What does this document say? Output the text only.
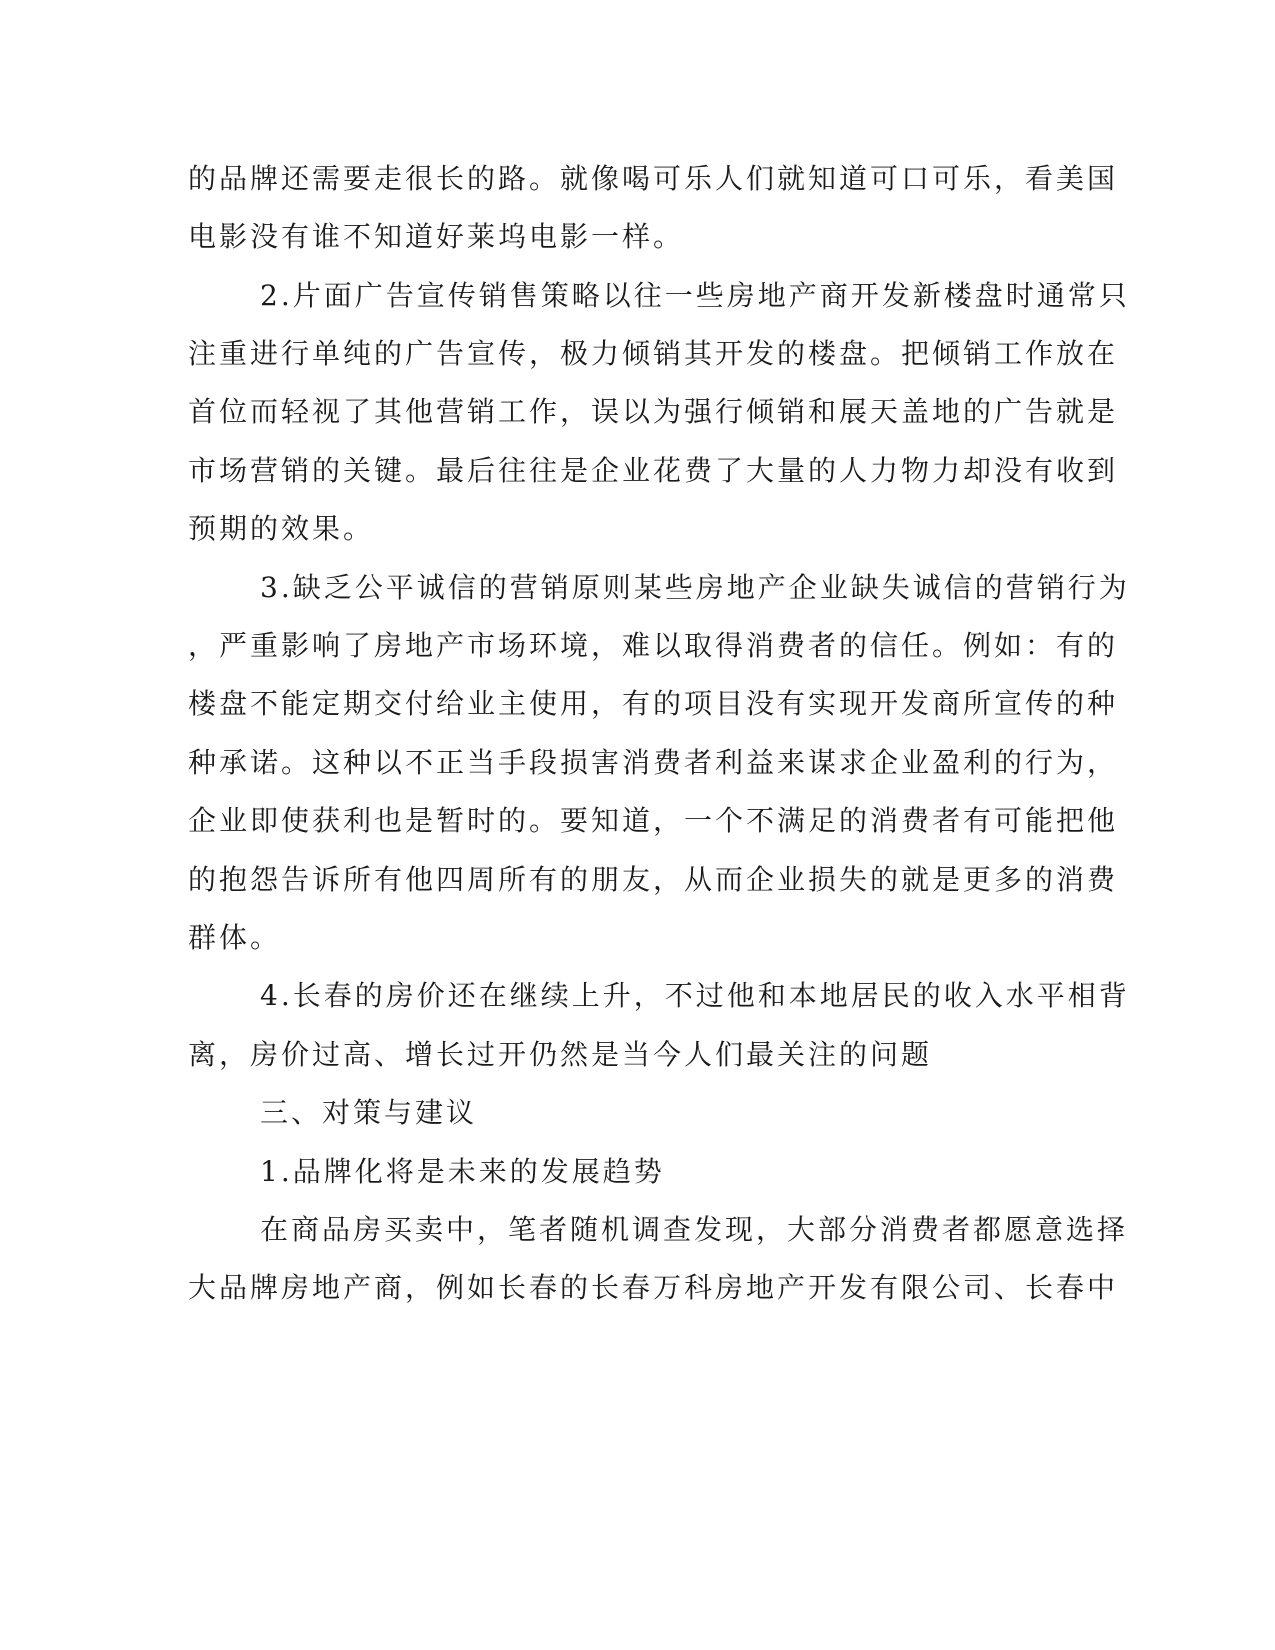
的品牌还需要走很长的路。就像喝可乐人们就知道可口可乐，看美国
电影没有谁不知道好莱坞电影一样。
2.片面广告宣传销售策略以往一些房地产商开发新楼盘时通常只
注重进行单纯的广告宣传，极力倾销其开发的楼盘。把倾销工作放在
首位而轻视了其他营销工作，误以为强行倾销和展天盖地的广告就是
市场营销的关键。最后往往是企业花费了大量的人力物力却没有收到
预期的效果。
3.缺乏公平诚信的营销原则某些房地产企业缺失诚信的营销行为
，严重影响了房地产市场环境，难以取得消费者的信任。例如：有的
楼盘不能定期交付给业主使用，有的项目没有实现开发商所宣传的种
种承诺。这种以不正当手段损害消费者利益来谋求企业盈利的行为，
企业即使获利也是暂时的。要知道，一个不满足的消费者有可能把他
的抱怨告诉所有他四周所有的朋友，从而企业损失的就是更多的消费
群体。
4.长春的房价还在继续上升，不过他和本地居民的收入水平相背
离，房价过高、增长过开仍然是当今人们最关注的问题
三、对策与建议
1.品牌化将是未来的发展趋势
在商品房买卖中，笔者随机调查发现，大部分消费者都愿意选择
大品牌房地产商，例如长春的长春万科房地产开发有限公司、长春中
